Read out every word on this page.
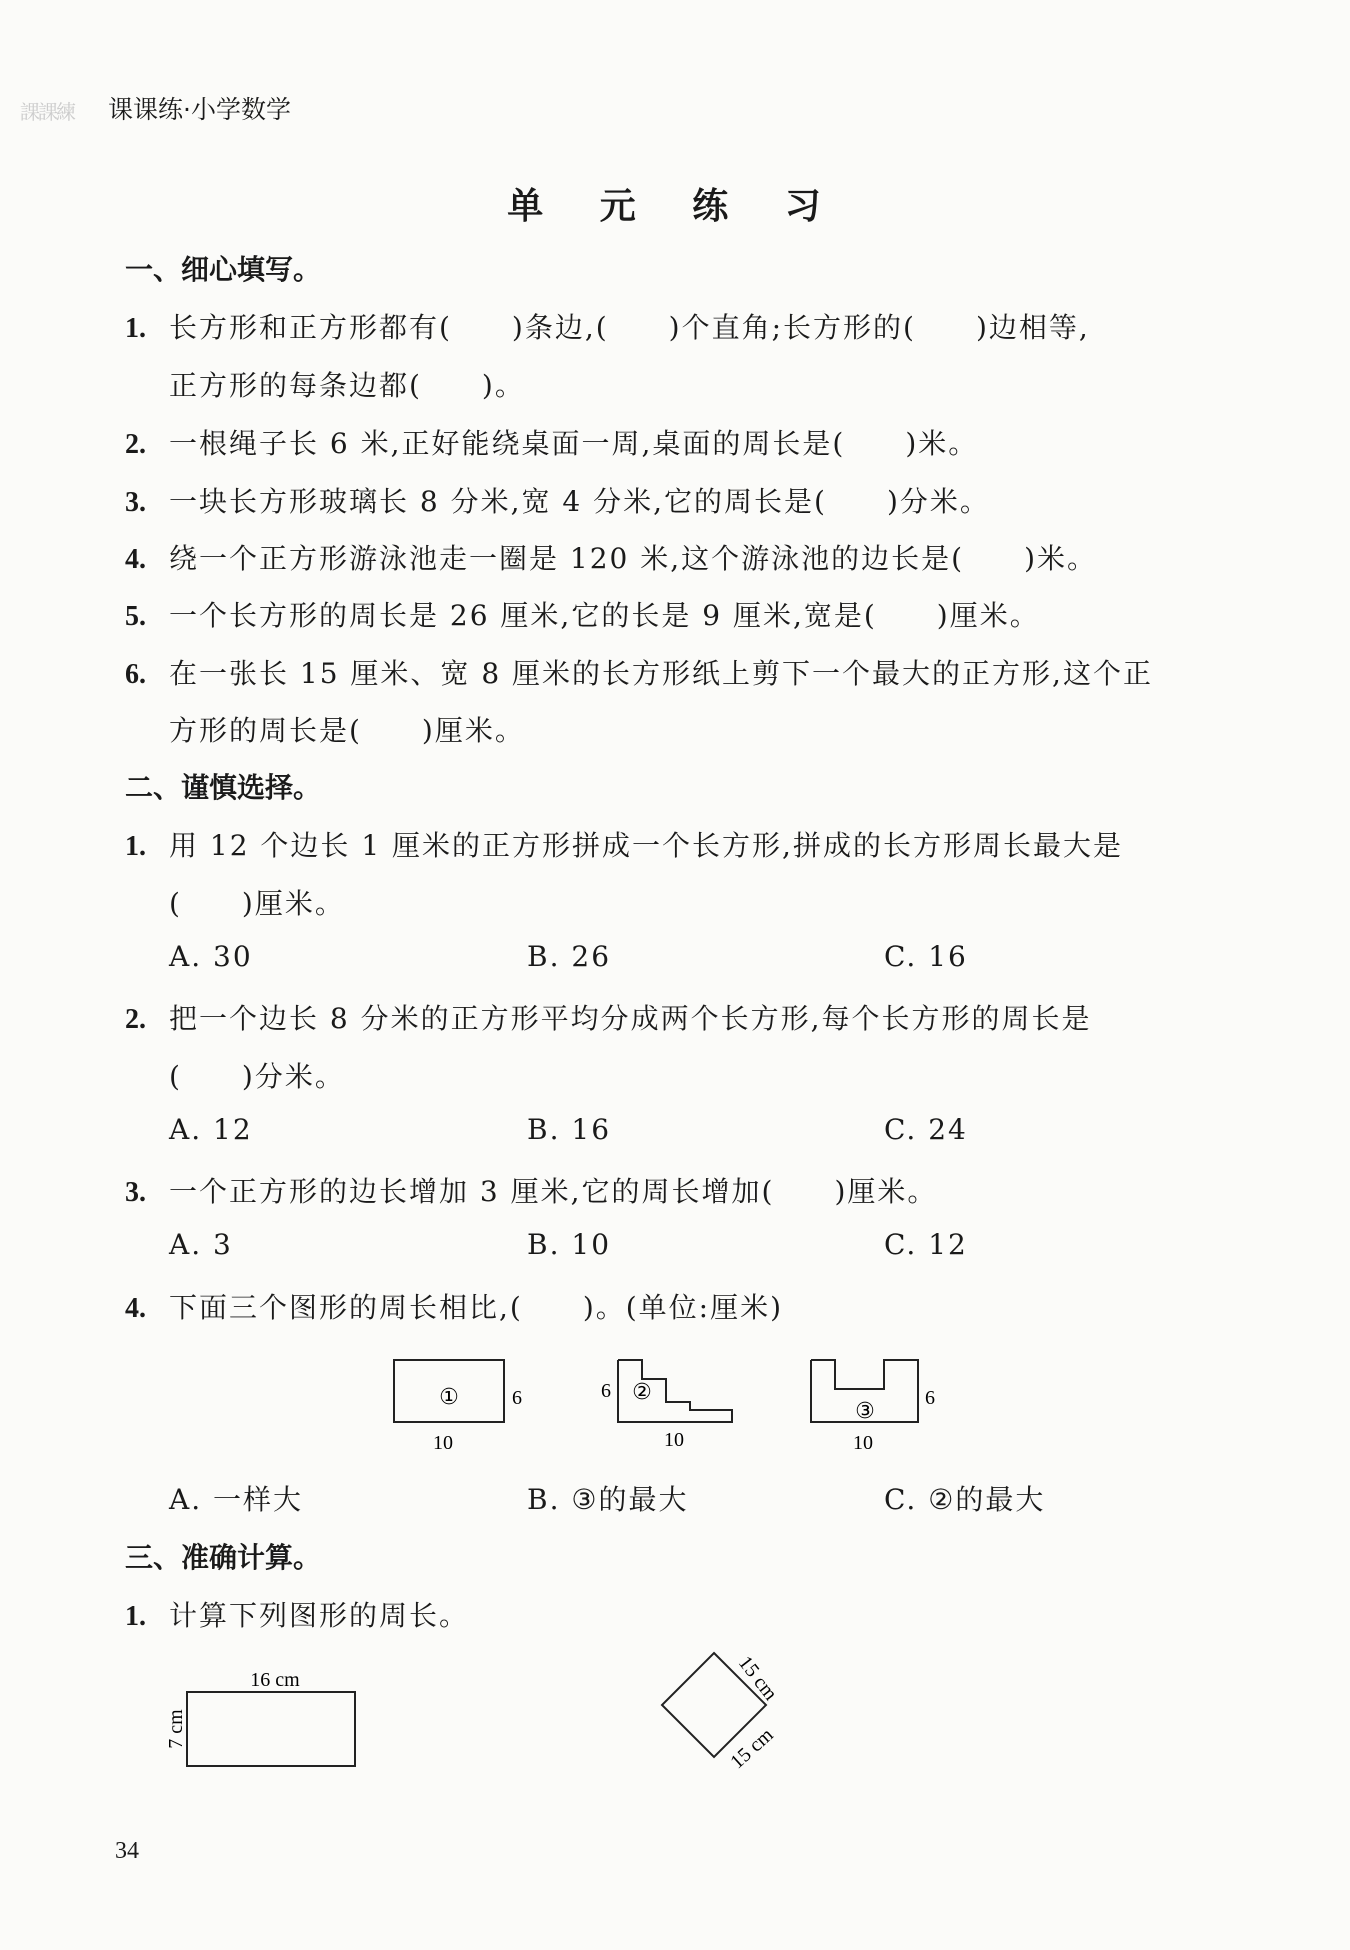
課課練	课课练·小学数学
单 元 练 习
一、细心填写。
1. 长方形和正方形都有(　　)条边,(　　)个直角;长方形的(　　)边相等,
正方形的每条边都(　　)。
2. 一根绳子长 6 米,正好能绕桌面一周,桌面的周长是(　　)米。
3. 一块长方形玻璃长 8 分米,宽 4 分米,它的周长是(　　)分米。
4. 绕一个正方形游泳池走一圈是 120 米,这个游泳池的边长是(　　)米。
5. 一个长方形的周长是 26 厘米,它的长是 9 厘米,宽是(　　)厘米。
6. 在一张长 15 厘米、宽 8 厘米的长方形纸上剪下一个最大的正方形,这个正
方形的周长是(　　)厘米。
二、谨慎选择。
1. 用 12 个边长 1 厘米的正方形拼成一个长方形,拼成的长方形周长最大是
(　　)厘米。
A. 30	B. 26	C. 16
2. 把一个边长 8 分米的正方形平均分成两个长方形,每个长方形的周长是
(　　)分米。
A. 12	B. 16	C. 24
3. 一个正方形的边长增加 3 厘米,它的周长增加(　　)厘米。
A. 3	B. 10	C. 12
4. 下面三个图形的周长相比,(　　)。(单位:厘米)
①	6
10
6 ②
10
③
6
10
A. 一样大	B. ③的最大	C. ②的最大
三、准确计算。
1. 计算下列图形的周长。
16 cm
7 cm
15 cm
15 cm
34
